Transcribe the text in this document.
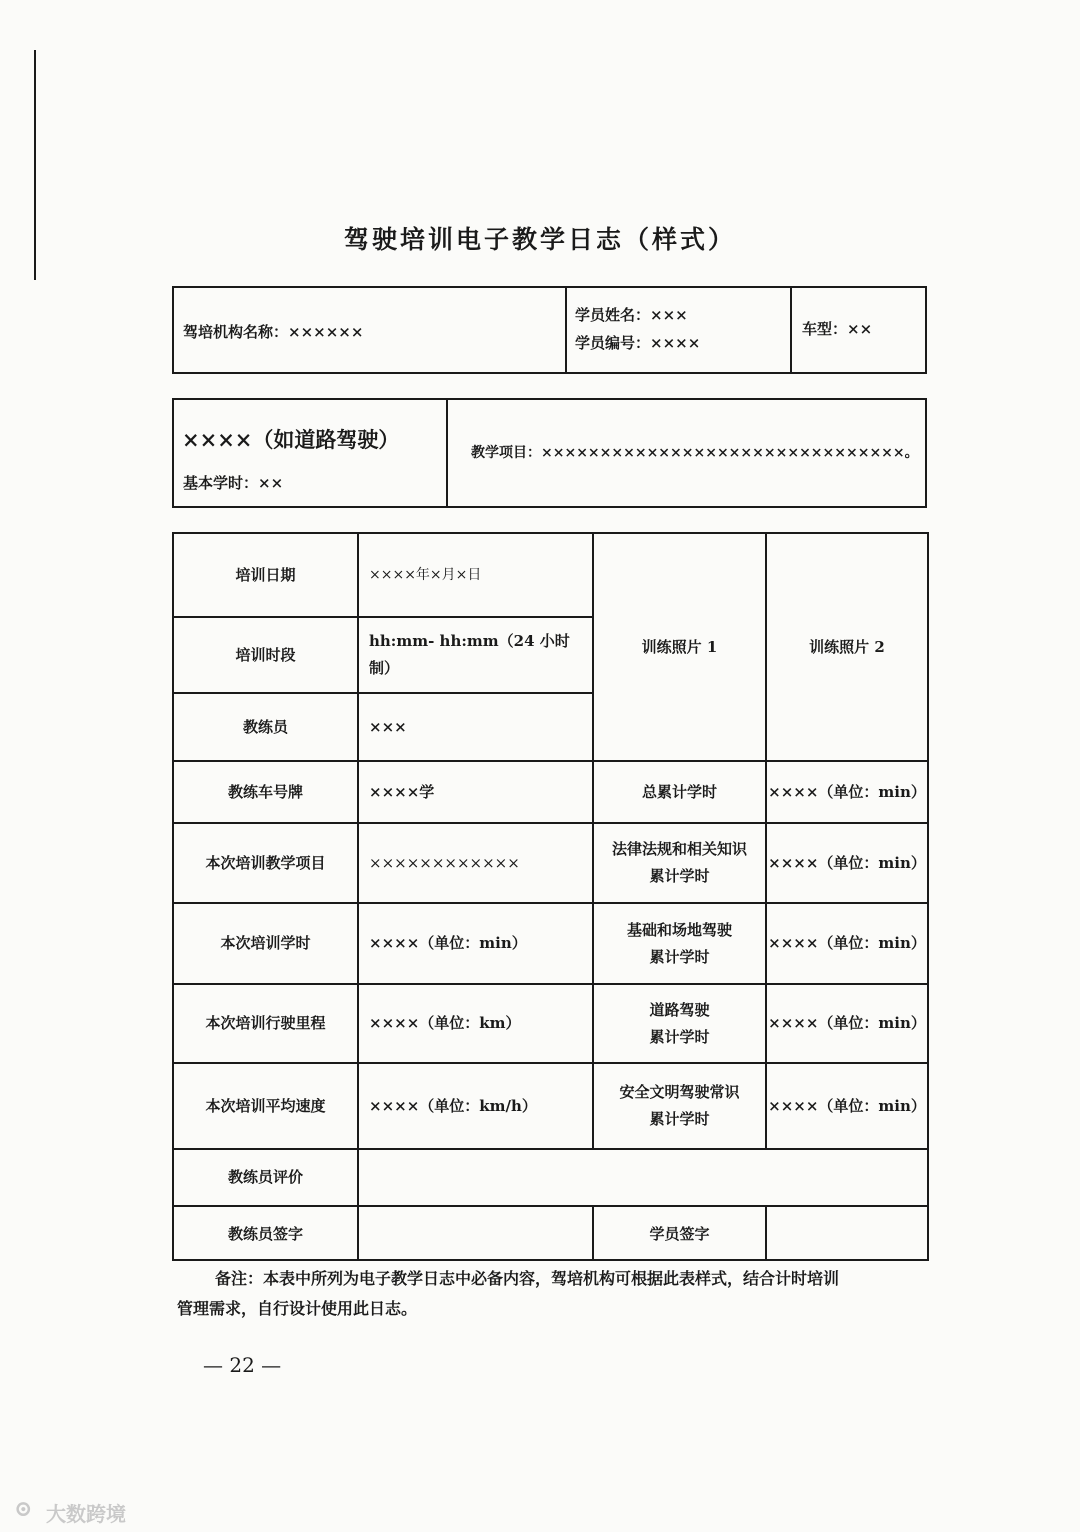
驾驶培训电子教学日志（样式）
驾培机构名称：××××××
学员姓名：×××
学员编号：××××
车型：××
××××（如道路驾驶）
基本学时：××
教学项目：×××××××××××××××××××××××××××××××。
培训日期
培训时段
教练员
教练车号牌
本次培训教学项目
本次培训学时
本次培训行驶里程
本次培训平均速度
教练员评价
教练员签字
××××年×月×日
hh:mm- hh:mm（24 小时制）
×××
××××学
××××××××××××
××××（单位：min）
××××（单位：km）
××××（单位：km/h）
训练照片 1	训练照片 2
总累计学时
法律法规和相关知识
累计学时
基础和场地驾驶
累计学时
道路驾驶
累计学时
安全文明驾驶常识
累计学时
学员签字
××××（单位：min）
××××（单位：min）
××××（单位：min）
××××（单位：min）
××××（单位：min）
备注：本表中所列为电子教学日志中必备内容，驾培机构可根据此表样式，结合计时培训
管理需求，自行设计使用此日志。
— 22 —
⊙ 大数跨境
